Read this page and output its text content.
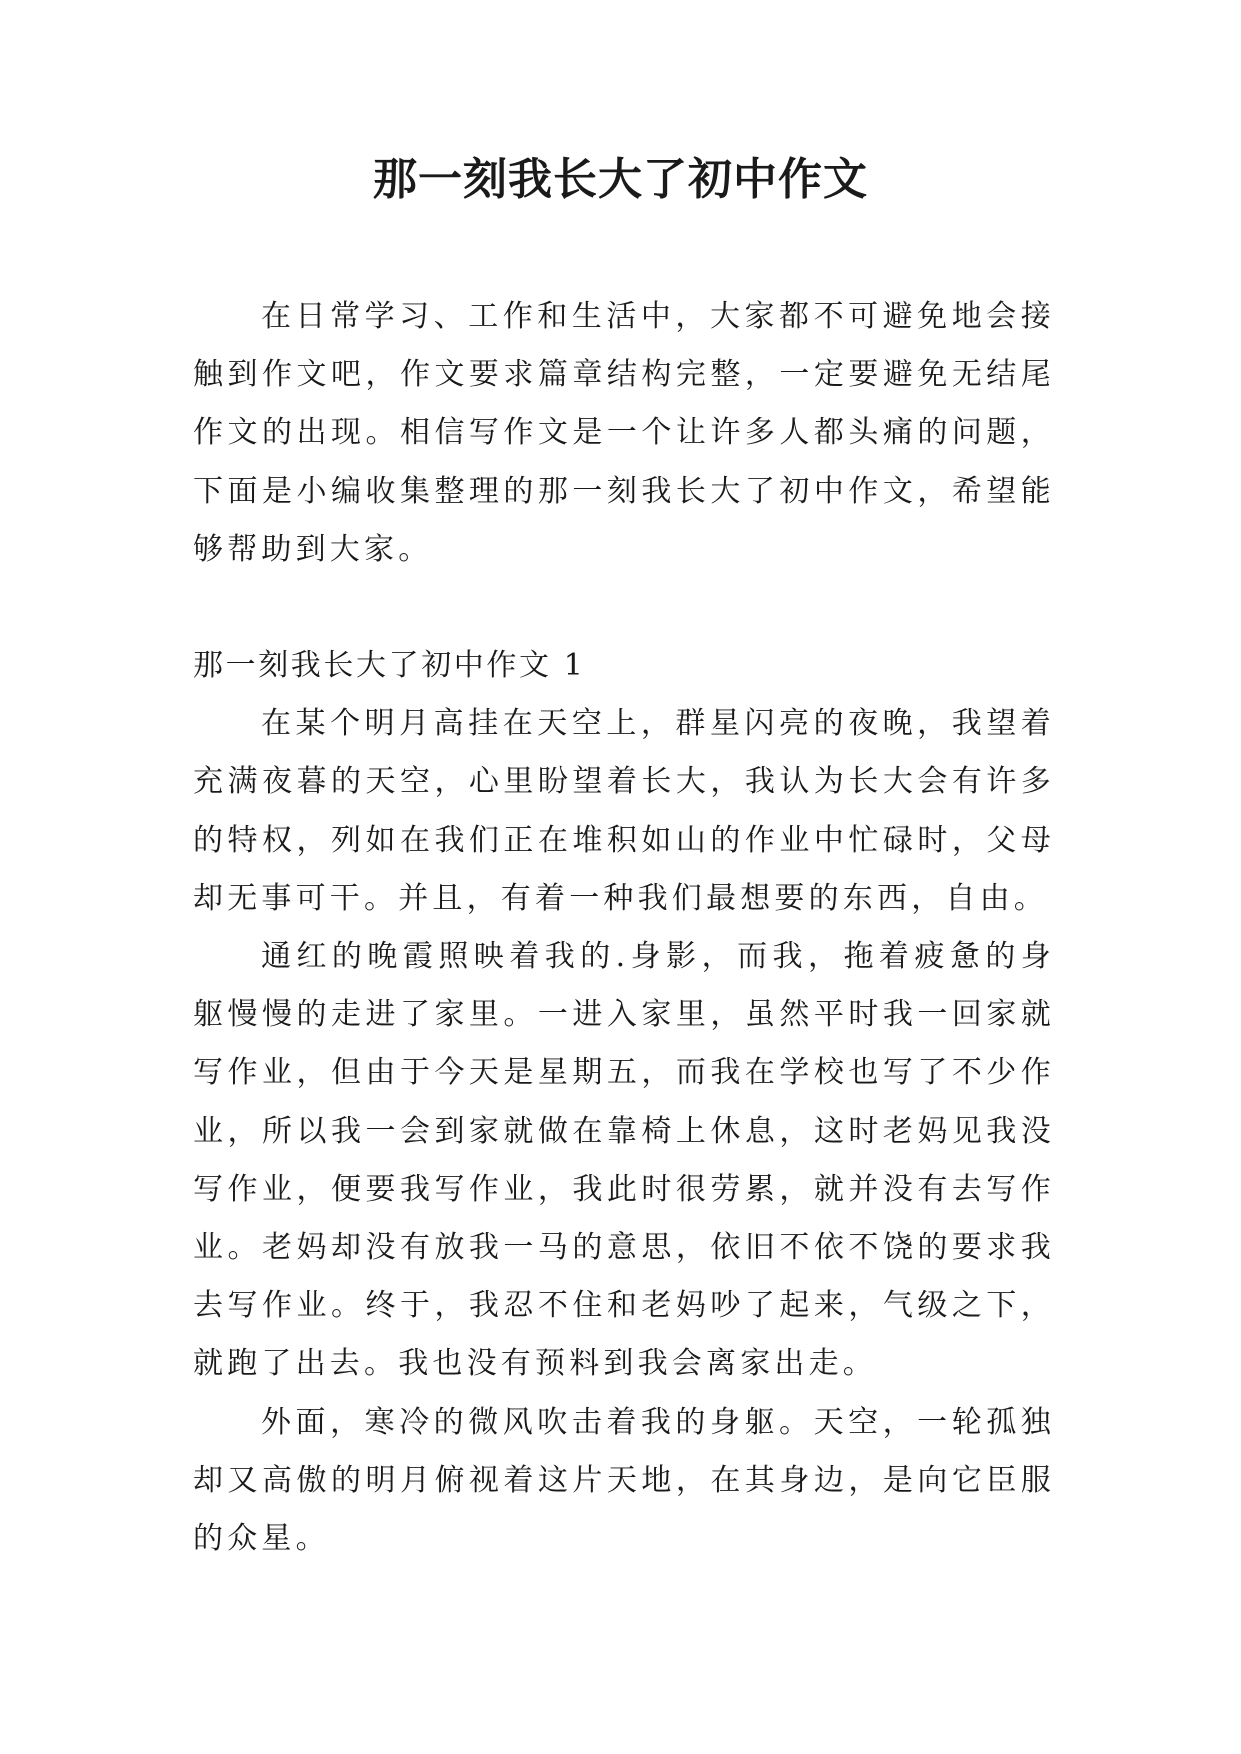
那一刻我长大了初中作文

在日常学习、工作和生活中，大家都不可避免地会接触到作文吧，作文要求篇章结构完整，一定要避免无结尾作文的出现。相信写作文是一个让许多人都头痛的问题，下面是小编收集整理的那一刻我长大了初中作文，希望能够帮助到大家。

那一刻我长大了初中作文 1

在某个明月高挂在天空上，群星闪亮的夜晚，我望着充满夜暮的天空，心里盼望着长大，我认为长大会有许多的特权，列如在我们正在堆积如山的作业中忙碌时，父母却无事可干。并且，有着一种我们最想要的东西，自由。

通红的晚霞照映着我的.身影，而我，拖着疲惫的身躯慢慢的走进了家里。一进入家里，虽然平时我一回家就写作业，但由于今天是星期五，而我在学校也写了不少作业，所以我一会到家就做在靠椅上休息，这时老妈见我没写作业，便要我写作业，我此时很劳累，就并没有去写作业。老妈却没有放我一马的意思，依旧不依不饶的要求我去写作业。终于，我忍不住和老妈吵了起来，气级之下，就跑了出去。我也没有预料到我会离家出走。

外面，寒冷的微风吹击着我的身躯。天空，一轮孤独却又高傲的明月俯视着这片天地，在其身边，是向它臣服的众星。
